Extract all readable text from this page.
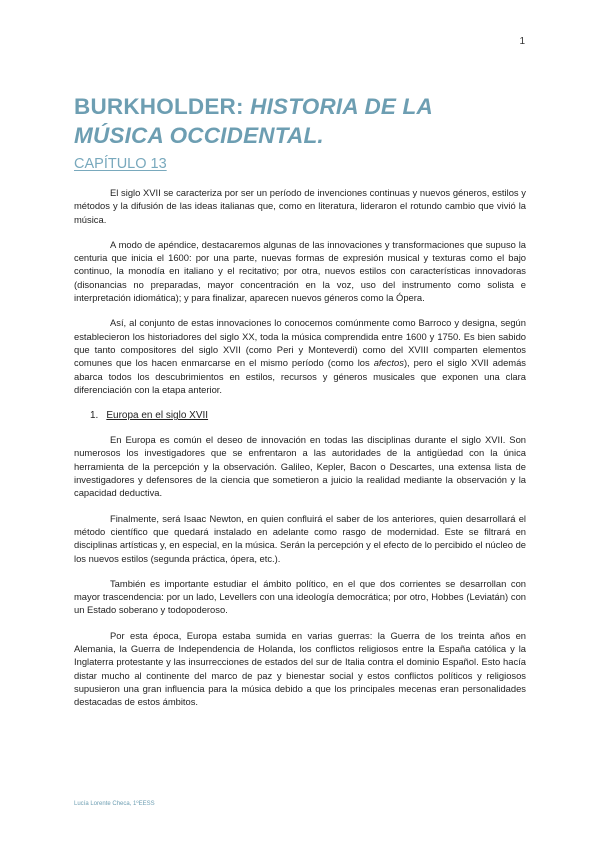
1
BURKHOLDER: HISTORIA DE LA MÚSICA OCCIDENTAL.
CAPÍTULO 13

El siglo XVII se caracteriza por ser un período de invenciones continuas y nuevos géneros, estilos y métodos y la difusión de las ideas italianas que, como en literatura, lideraron el rotundo cambio que vivió la música.

A modo de apéndice, destacaremos algunas de las innovaciones y transformaciones que supuso la centuria que inicia el 1600: por una parte, nuevas formas de expresión musical y texturas como el bajo continuo, la monodía en italiano y el recitativo; por otra, nuevos estilos con características innovadoras (disonancias no preparadas, mayor concentración en la voz, uso del instrumento como solista e interpretación idiomática); y para finalizar, aparecen nuevos géneros como la Ópera.

Así, al conjunto de estas innovaciones lo conocemos comúnmente como Barroco y designa, según establecieron los historiadores del siglo XX, toda la música comprendida entre 1600 y 1750. Es bien sabido que tanto compositores del siglo XVII (como Peri y Monteverdi) como del XVIII comparten elementos comunes que los hacen enmarcarse en el mismo período (como los afectos), pero el siglo XVII además abarca todos los descubrimientos en estilos, recursos y géneros musicales que exponen una clara diferenciación con la etapa anterior.

1. Europa en el siglo XVII

En Europa es común el deseo de innovación en todas las disciplinas durante el siglo XVII. Son numerosos los investigadores que se enfrentaron a las autoridades de la antigüedad con la única herramienta de la percepción y la observación. Galileo, Kepler, Bacon o Descartes, una extensa lista de investigadores y defensores de la ciencia que sometieron a juicio la realidad mediante la observación y la capacidad deductiva.

Finalmente, será Isaac Newton, en quien confluirá el saber de los anteriores, quien desarrollará el método científico que quedará instalado en adelante como rasgo de modernidad. Este se filtrará en disciplinas artísticas y, en especial, en la música. Serán la percepción y el efecto de lo percibido el núcleo de los nuevos estilos (segunda práctica, ópera, etc.).

También es importante estudiar el ámbito político, en el que dos corrientes se desarrollan con mayor trascendencia: por un lado, Levellers con una ideología democrática; por otro, Hobbes (Leviatán) con un Estado soberano y todopoderoso.

Por esta época, Europa estaba sumida en varias guerras: la Guerra de los treinta años en Alemania, la Guerra de Independencia de Holanda, los conflictos religiosos entre la España católica y la Inglaterra protestante y las insurrecciones de estados del sur de Italia contra el dominio Español. Esto hacía distar mucho al continente del marco de paz y bienestar social y estos conflictos políticos y religiosos supusieron una gran influencia para la música debido a que los principales mecenas eran personalidades destacadas de estos ámbitos.

Lucía Lorente Checa, 1ºEESS
